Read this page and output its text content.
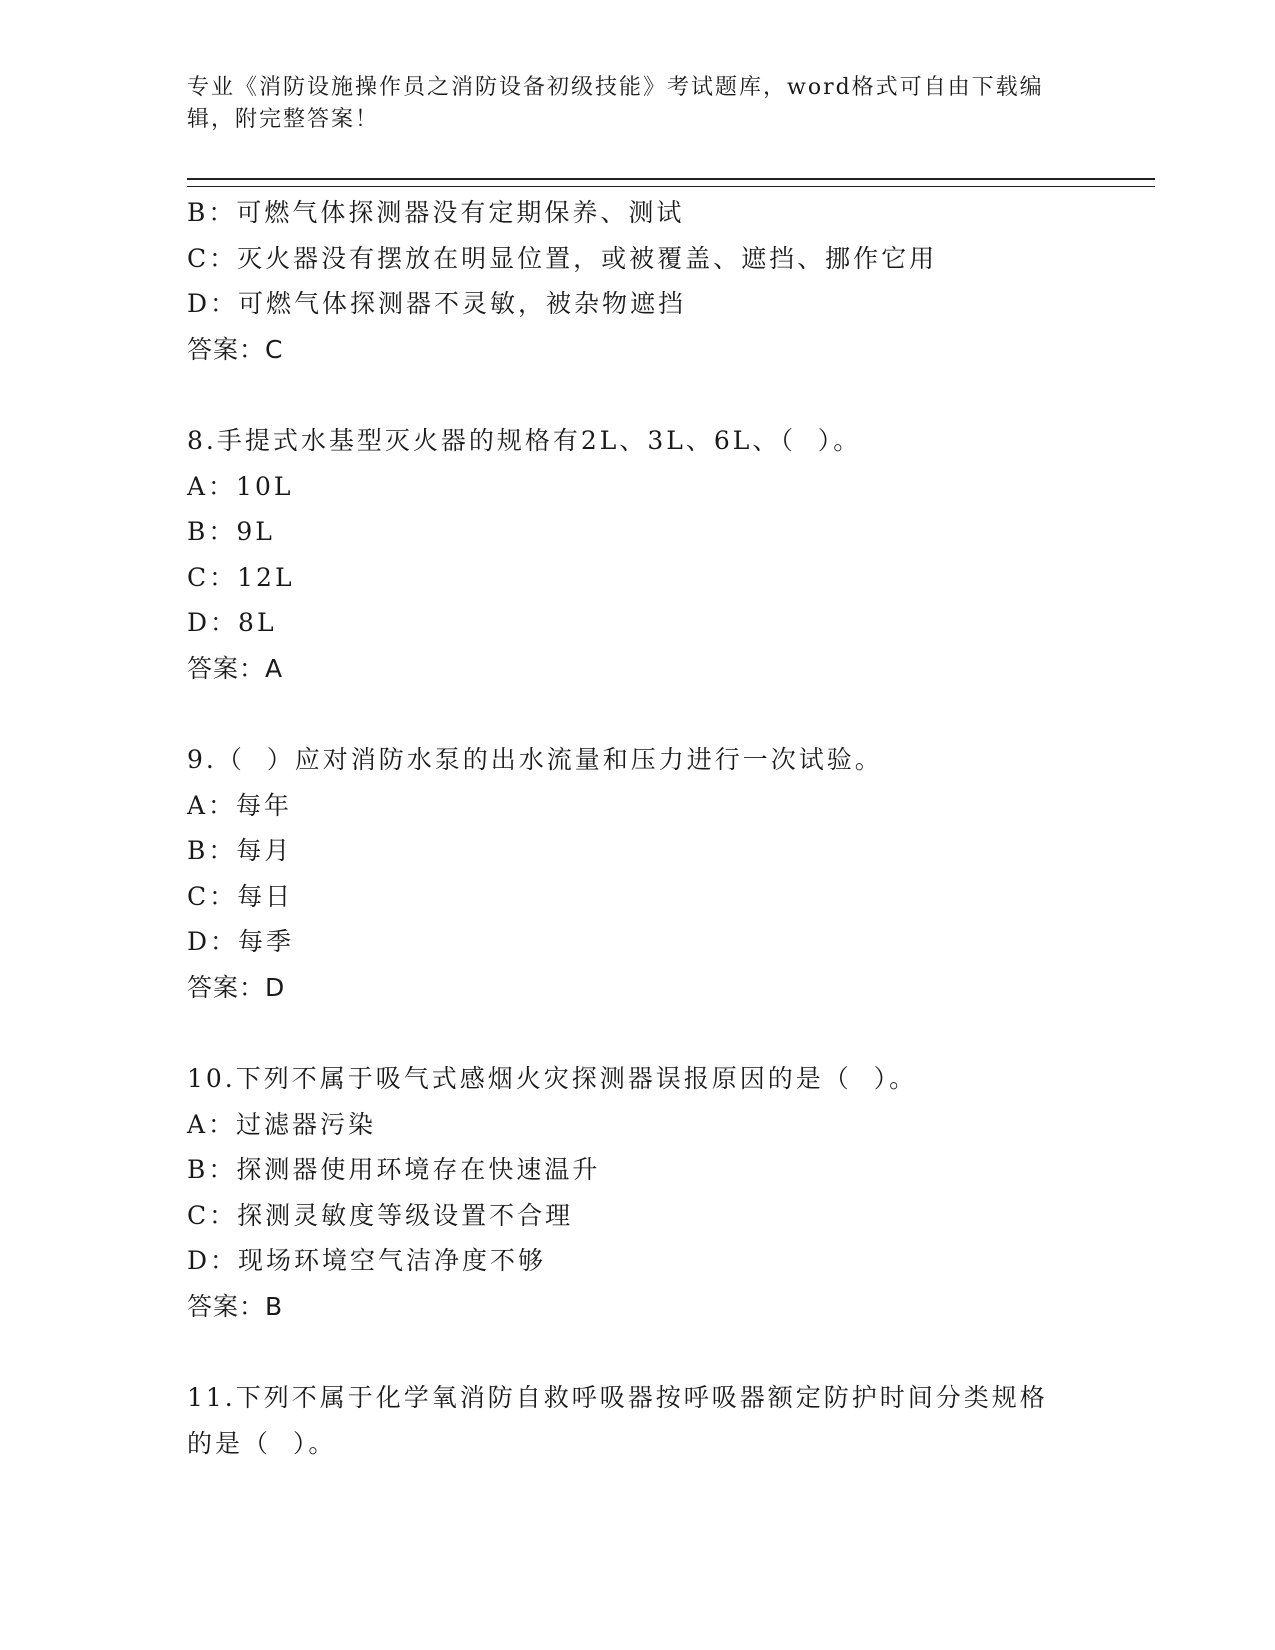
专业《消防设施操作员之消防设备初级技能》考试题库，word格式可自由下载编
辑，附完整答案！
B：可燃气体探测器没有定期保养、测试
C：灭火器没有摆放在明显位置，或被覆盖、遮挡、挪作它用
D：可燃气体探测器不灵敏，被杂物遮挡
答案：C
8.手提式水基型灭火器的规格有2L、3L、6L、（  ）。
A：10L
B：9L
C：12L
D：8L
答案：A
9.（  ）应对消防水泵的出水流量和压力进行一次试验。
A：每年
B：每月
C：每日
D：每季
答案：D
10.下列不属于吸气式感烟火灾探测器误报原因的是（  ）。
A：过滤器污染
B：探测器使用环境存在快速温升
C：探测灵敏度等级设置不合理
D：现场环境空气洁净度不够
答案：B
11.下列不属于化学氧消防自救呼吸器按呼吸器额定防护时间分类规格
的是（  ）。
